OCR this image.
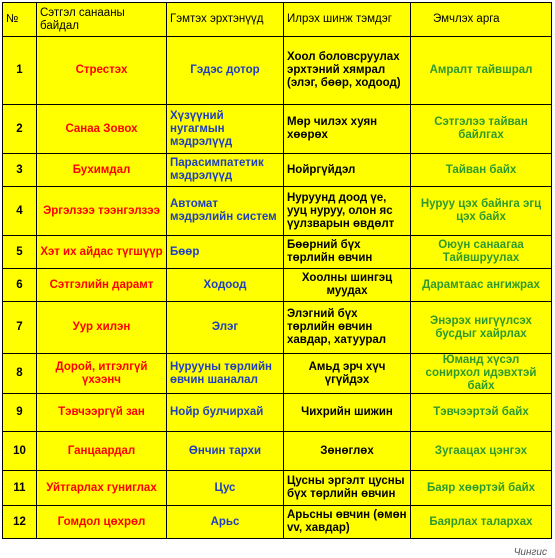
№	Сэтгэл санааны байдал	Гэмтэх эрхтэнүүд	Илрэх шинж тэмдэг	Эмчлэх арга
1	Стрестэх	Гэдэс дотор	Хоол боловсруулах эрхтэний хямрал (элэг, бөөр, ходоод)	Амралт тайвшрал
2	Санаа Зовох	Хүзүүний нугагмын мэдрэлүүд	Мөр чилэх хуян хөөрөх	Сэтгэлээ тайван байлгах
3	Бухимдал	Парасимпатетик мэдрэлүүд	Нойргүйдэл	Тайван байх
4	Эргэлзээ тээнгэлзээ	Автомат мэдрэлийн систем	Нуруунд доод үе, ууц нуруу, олон яс үулзварын өвдөлт	Нуруу цэх байнга эгц цэх байх
5	Хэт их айдас түгшүүр	Бөөр	Бөөрний бүх төрлийн өвчин	Оюун санаагаа Тайвшруулах
6	Сэтгэлийн дарамт	Ходоод	Хоолны шингэц муудах	Дарамтаас ангижрах
7	Уур хилэн	Элэг	Элэгний бүх төрлийн өвчин хавдар, хатуурал	Энэрэх нигүүлсэх бусдыг хайрлах
8	Дорой, итгэлгүй үхээнч	Нурууны төрлийн өвчин шаналал	Амьд эрч хүч үгүйдэх	Юманд хүсэл сонирхол идэвхтэй байх
9	Тэвчээргүй зан	Нойр булчирхай	Чихрийн шижин	Тэвчээртэй байх
10	Ганцаардал	Өнчин тархи	Зөнөглөх	Зугаацах цэнгэх
11	Уйтгарлах гуниглах	Цус	Цусны эргэлт цусны бүх төрлийн өвчин	Баяр хөөртэй байх
12	Гомдол цөхрөл	Арьс	Арьсны өвчин (өмөн vv, хавдар)	Баярлах талархах
Чингис
